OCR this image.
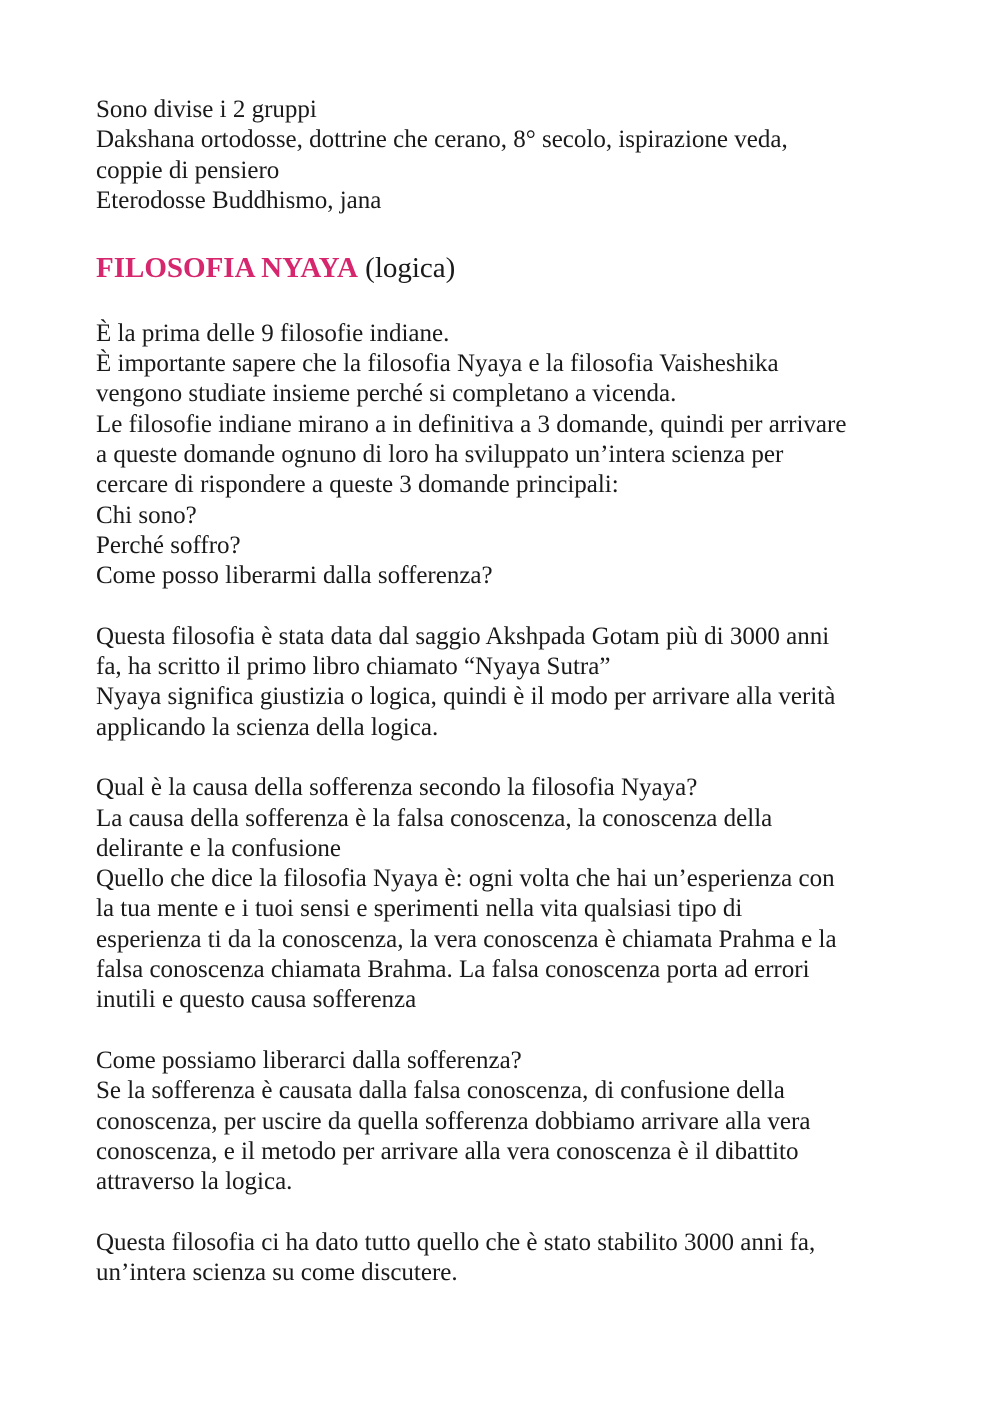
Sono divise i 2 gruppi
Dakshana ortodosse, dottrine che cerano, 8° secolo, ispirazione veda,
coppie di pensiero
Eterodosse Buddhismo, jana
FILOSOFIA NYAYA (logica)
È la prima delle 9 filosofie indiane.
È importante sapere che la filosofia Nyaya e la filosofia Vaisheshika
vengono studiate insieme perché si completano a vicenda.
Le filosofie indiane mirano a in definitiva a 3 domande, quindi per arrivare
a queste domande ognuno di loro ha sviluppato un’intera scienza per
cercare di rispondere a queste 3 domande principali:
Chi sono?
Perché soffro?
Come posso liberarmi dalla sofferenza?
Questa filosofia è stata data dal saggio Akshpada Gotam più di 3000 anni
fa, ha scritto il primo libro chiamato “Nyaya Sutra”
Nyaya significa giustizia o logica, quindi è il modo per arrivare alla verità
applicando la scienza della logica.
Qual è la causa della sofferenza secondo la filosofia Nyaya?
La causa della sofferenza è la falsa conoscenza, la conoscenza della
delirante e la confusione
Quello che dice la filosofia Nyaya è: ogni volta che hai un’esperienza con
la tua mente e i tuoi sensi e sperimenti nella vita qualsiasi tipo di
esperienza ti da la conoscenza, la vera conoscenza è chiamata Prahma e la
falsa conoscenza chiamata Brahma. La falsa conoscenza porta ad errori
inutili e questo causa sofferenza
Come possiamo liberarci dalla sofferenza?
Se la sofferenza è causata dalla falsa conoscenza, di confusione della
conoscenza, per uscire da quella sofferenza dobbiamo arrivare alla vera
conoscenza, e il metodo per arrivare alla vera conoscenza è il dibattito
attraverso la logica.
Questa filosofia ci ha dato tutto quello che è stato stabilito 3000 anni fa,
un’intera scienza su come discutere.
